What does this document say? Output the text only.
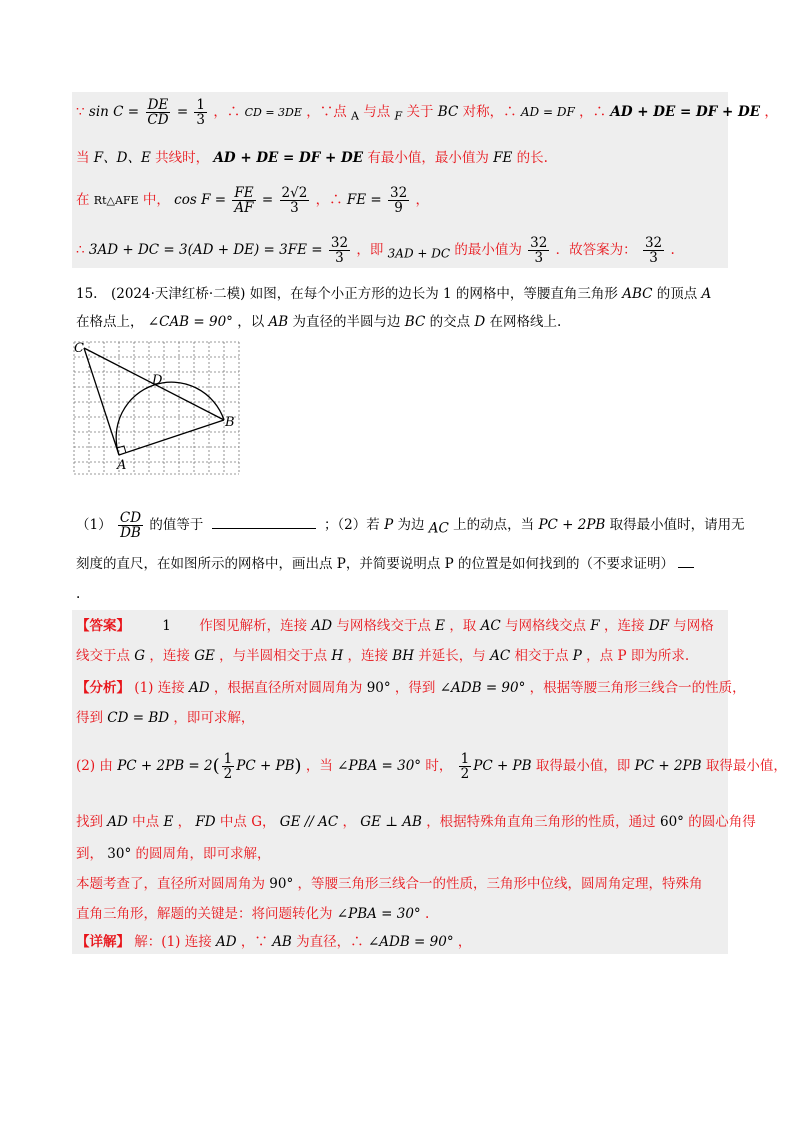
∵ $\sin C = \frac{DE}{CD} = \frac{1}{3}$ ，∴ CD = 3DE ，∵点 $_A$ 与点 $_F$ 关于 BC 对称，∴ AD = DF ，∴ AD + DE = DF + DE ，
当 F、D、E 共线时， AD + DE = DF + DE 有最小值，最小值为 FE 的长.
在 Rt△AFE 中， $\cos F = \frac{FE}{AF} = \frac{2√2}{3}$ ，∴ FE = $\frac{32}{9}$ ，
∴ 3AD + DC = $3(AD + DE) = 3FE = \frac{32}{3}$ ，即 3AD + DC 的最小值为 $\frac{32}{3}$ ．故答案为： $\frac{32}{3}$ .
15.　(2024·天津红桥·二模) 如图，在每个小正方形的边长为 1 的网格中，等腰直角三角形 ABC 的顶点 A
在格点上， ∠CAB = 90° ，以 AB 为直径的半圆与边 BC 的交点 D 在网格线上.
C
D
B
A
$(1) \frac{CD}{DB}$ 的值等于	；（2）若 P 为边 AC 上的动点，当 PC + 2PB 取得最小值时，请用无
刻度的直尺，在如图所示的网格中，画出点 P，并简要说明点 P 的位置是如何找到的（不要求证明）
.
【答案】 1 作图见解析，连接 AD 与网格线交于点 E ，取 AC 与网格线交点 F ，连接 DF 与网格
线交于点 G ，连接 GE ，与半圆相交于点 H ，连接 BH 并延长，与 AC 相交于点 P ，点 P 即为所求.
【分析】 (1) 连接 AD ，根据直径所对圆周角为 90° ，得到 ∠ADB = 90° ，根据等腰三角形三线合一的性质，
得到 CD = BD ，即可求解，
(2) 由 PC + $2PB = 2( \frac{1}{2}$ PC + PB) ，当 ∠PBA = 30° 时， $\frac{1}{2}$ PC + PB 取得最小值，即 PC + 2PB 取得最小值，
找到 AD 中点 E ， FD 中点 G， GE // AC ， GE ⊥ AB ，根据特殊角直角三角形的性质，通过 60° 的圆心角得
到， 30° 的圆周角，即可求解，
本题考查了，直径所对圆周角为 90° ，等腰三角形三线合一的性质，三角形中位线，圆周角定理，特殊角
直角三角形，解题的关键是：将问题转化为 ∠PBA = 30° .
【详解】 解：(1) 连接 AD ，∵ AB 为直径，∴ ∠ADB = 90° ，
